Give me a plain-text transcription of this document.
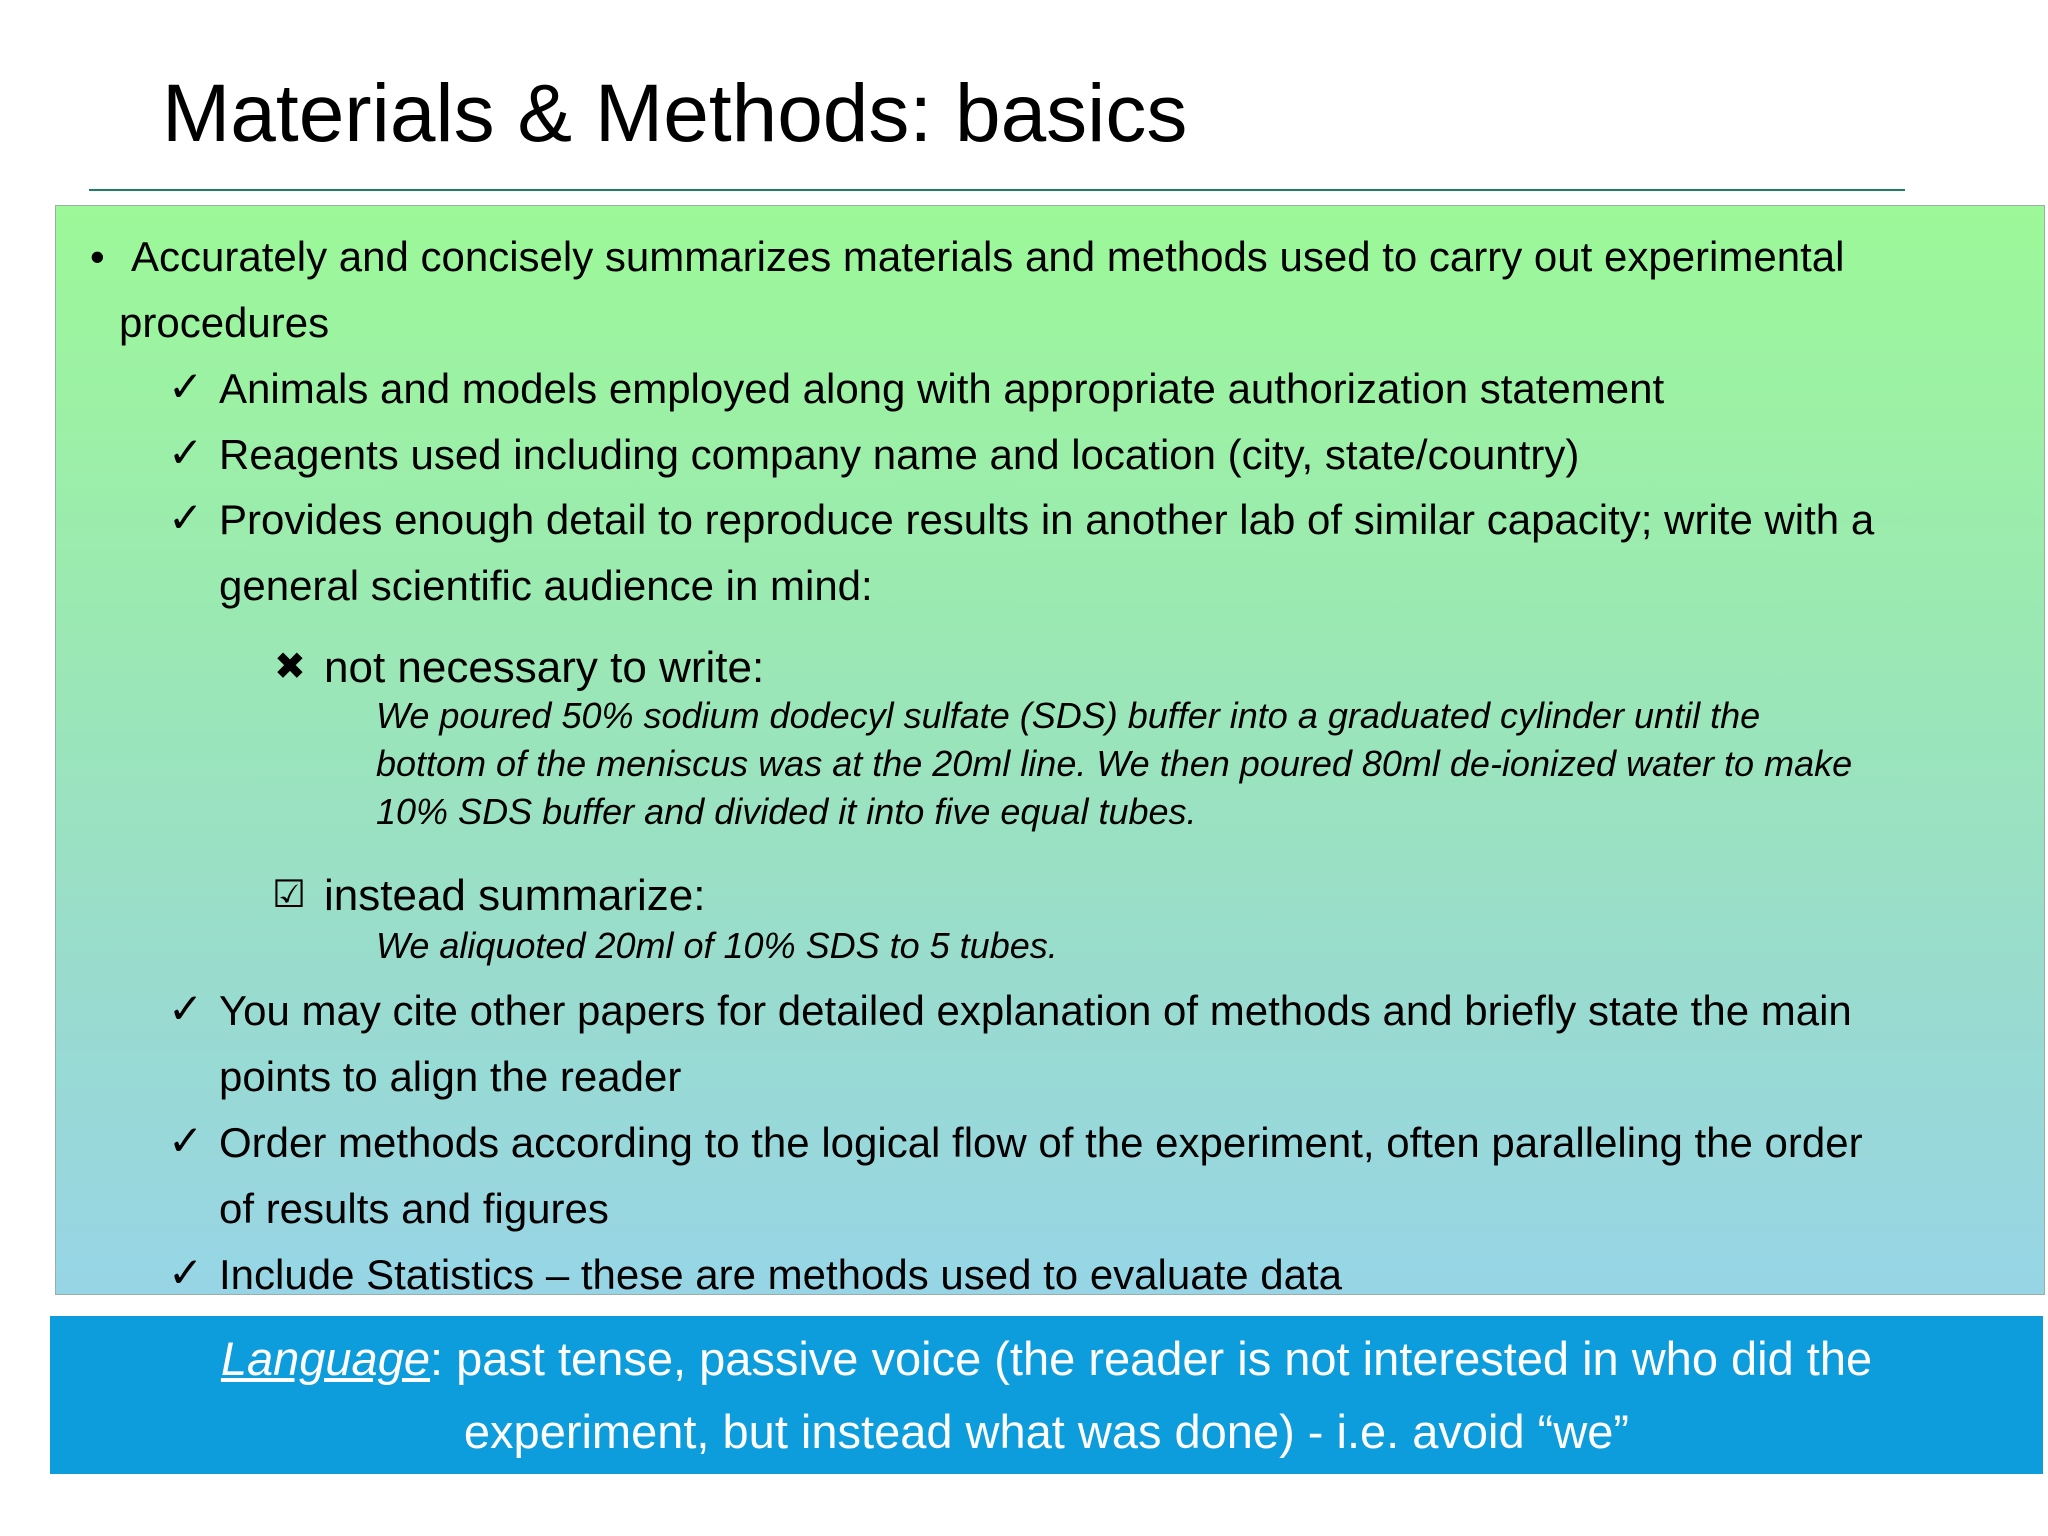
Materials & Methods: basics
• Accurately and concisely summarizes materials and methods used to carry out experimental
procedures
✓ Animals and models employed along with appropriate authorization statement
✓ Reagents used including company name and location (city, state/country)
✓ Provides enough detail to reproduce results in another lab of similar capacity; write with a
general scientific audience in mind:
✖ not necessary to write:
We poured 50% sodium dodecyl sulfate (SDS) buffer into a graduated cylinder until the
bottom of the meniscus was at the 20ml line. We then poured 80ml de-ionized water to make
10% SDS buffer and divided it into five equal tubes.
☑ instead summarize:
We aliquoted 20ml of 10% SDS to 5 tubes.
✓ You may cite other papers for detailed explanation of methods and briefly state the main
points to align the reader
✓ Order methods according to the logical flow of the experiment, often paralleling the order
of results and figures
✓ Include Statistics – these are methods used to evaluate data
Language: past tense, passive voice (the reader is not interested in who did the
experiment, but instead what was done) - i.e. avoid “we”
